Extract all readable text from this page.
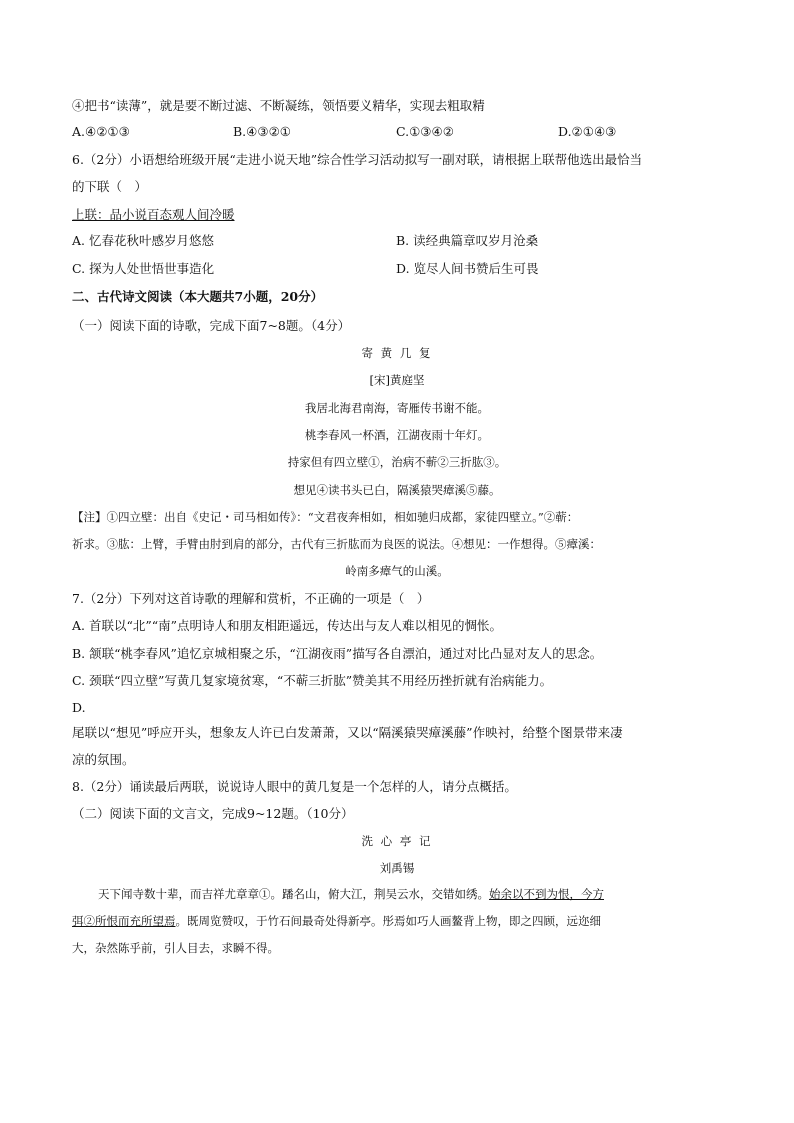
④把书“读薄”，就是要不断过滤、不断凝练，领悟要义精华，实现去粗取精
A.④②①③	B.④③②①	C.①③④②	D.②①④③
6.（2分）小语想给班级开展“走进小说天地”综合性学习活动拟写一副对联，请根据上联帮他选出最恰当
的下联（　）
上联：品小说百态观人间冷暖
A. 忆春花秋叶感岁月悠悠	B. 读经典篇章叹岁月沧桑
C. 探为人处世悟世事造化	D. 览尽人间书赞后生可畏
二、古代诗文阅读（本大题共7小题，20分）
（一）阅读下面的诗歌，完成下面7~8题。（4分）
寄 黄 几 复
[宋]黄庭坚
我居北海君南海，寄雁传书谢不能。
桃李春风一杯酒，江湖夜雨十年灯。
持家但有四立壁①，治病不蕲②三折肱③。
想见④读书头已白，隔溪猿哭瘴溪⑤藤。
【注】①四立壁：出自《史记・司马相如传》：“文君夜奔相如，相如驰归成都，家徒四壁立。”②蕲：
祈求。③肱：上臂，手臂由肘到肩的部分，古代有三折肱而为良医的说法。④想见：一作想得。⑤瘴溪：
岭南多瘴气的山溪。
7.（2分）下列对这首诗歌的理解和赏析，不正确的一项是（　）
A. 首联以“北”“南”点明诗人和朋友相距遥远，传达出与友人难以相见的惆怅。
B. 颔联“桃李春风”追忆京城相聚之乐，“江湖夜雨”描写各自漂泊，通过对比凸显对友人的思念。
C. 颈联“四立壁”写黄几复家境贫寒，“不蕲三折肱”赞美其不用经历挫折就有治病能力。
D.
尾联以“想见”呼应开头，想象友人许已白发萧萧，又以“隔溪猿哭瘴溪藤”作映衬，给整个图景带来凄
凉的氛围。
8.（2分）诵读最后两联，说说诗人眼中的黄几复是一个怎样的人，请分点概括。
（二）阅读下面的文言文，完成9~12题。（10分）
洗 心 亭 记
刘禹锡
天下闻寺数十辈，而吉祥尤章章①。蹯名山，俯大江，荆吴云水，交错如绣。始余以不到为恨，今方
弭②所恨而充所望焉。既周览赞叹，于竹石间最奇处得新亭。彤焉如巧人画鳌背上物，即之四顾，远迩细
大，杂然陈乎前，引人目去，求瞬不得。
